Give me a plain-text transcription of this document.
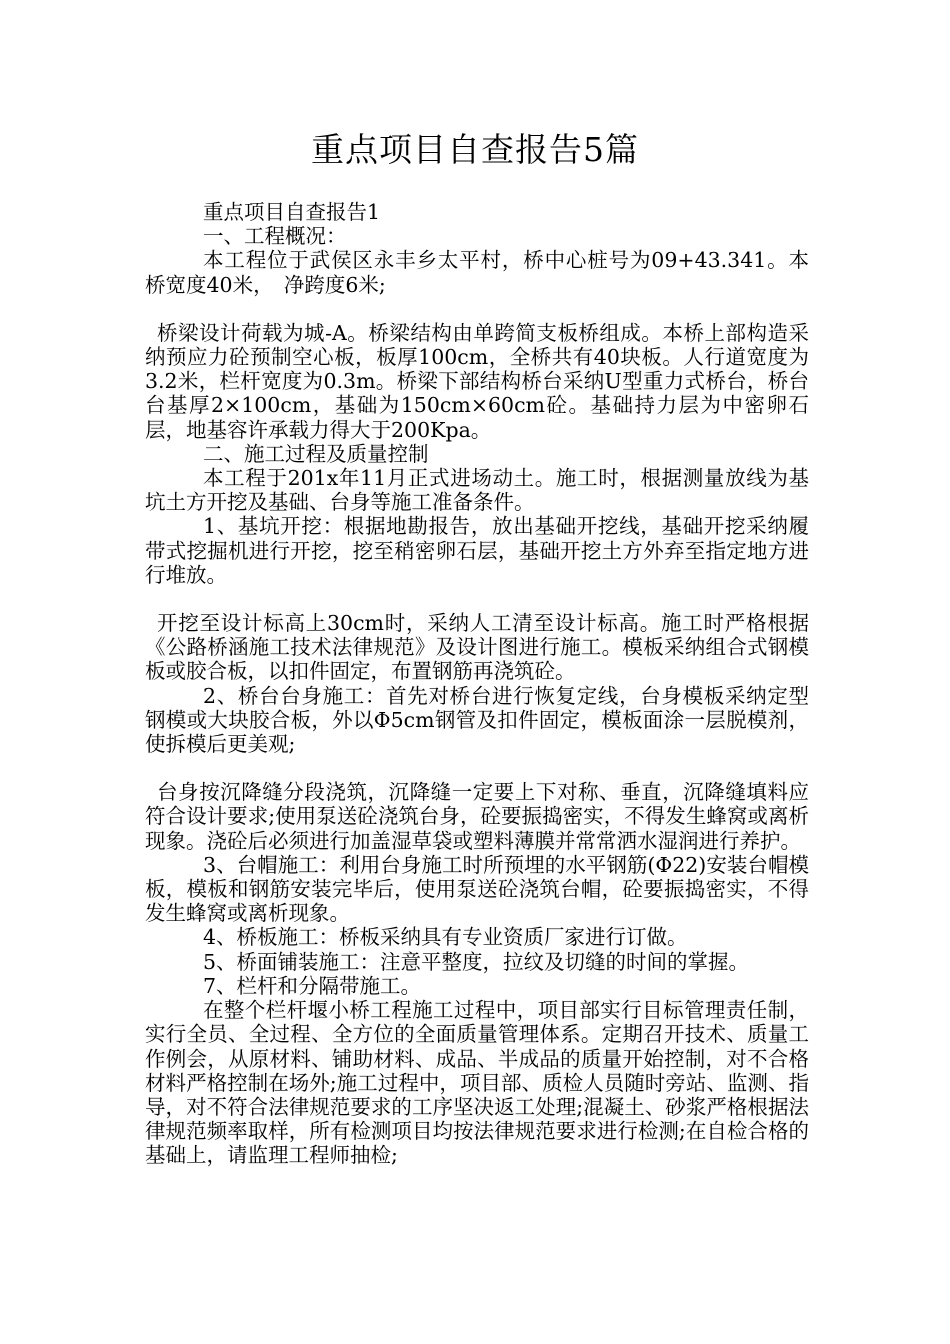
重点项目自查报告5篇

重点项目自查报告1

一、工程概况：

本工程位于武侯区永丰乡太平村，桥中心桩号为09+43.341。本桥宽度40米，　净跨度6米;

桥梁设计荷载为城-A。桥梁结构由单跨简支板桥组成。本桥上部构造采纳预应力砼预制空心板，板厚100cm，全桥共有40块板。人行道宽度为3.2米，栏杆宽度为0.3m。桥梁下部结构桥台采纳U型重力式桥台，桥台台基厚2×100cm，基础为150cm×60cm砼。基础持力层为中密卵石层，地基容许承载力得大于200Kpa。

二、施工过程及质量控制

本工程于201x年11月正式进场动土。施工时，根据测量放线为基坑土方开挖及基础、台身等施工准备条件。

1、基坑开挖：根据地勘报告，放出基础开挖线，基础开挖采纳履带式挖掘机进行开挖，挖至稍密卵石层，基础开挖土方外弃至指定地方进行堆放。

开挖至设计标高上30cm时，采纳人工清至设计标高。施工时严格根据《公路桥涵施工技术法律规范》及设计图进行施工。模板采纳组合式钢模板或胶合板，以扣件固定，布置钢筋再浇筑砼。

2、桥台台身施工：首先对桥台进行恢复定线，台身模板采纳定型钢模或大块胶合板，外以Φ5cm钢管及扣件固定，模板面涂一层脱模剂，使拆模后更美观;

台身按沉降缝分段浇筑，沉降缝一定要上下对称、垂直，沉降缝填料应符合设计要求;使用泵送砼浇筑台身，砼要振捣密实，不得发生蜂窝或离析现象。浇砼后必须进行加盖湿草袋或塑料薄膜并常常洒水湿润进行养护。

3、台帽施工：利用台身施工时所预埋的水平钢筋(Φ22)安装台帽模板，模板和钢筋安装完毕后，使用泵送砼浇筑台帽，砼要振捣密实，不得发生蜂窝或离析现象。

4、桥板施工：桥板采纳具有专业资质厂家进行订做。

5、桥面铺装施工：注意平整度，拉纹及切缝的时间的掌握。

7、栏杆和分隔带施工。

在整个栏杆堰小桥工程施工过程中，项目部实行目标管理责任制，实行全员、全过程、全方位的全面质量管理体系。定期召开技术、质量工作例会，从原材料、铺助材料、成品、半成品的质量开始控制，对不合格材料严格控制在场外;施工过程中，项目部、质检人员随时旁站、监测、指导，对不符合法律规范要求的工序坚决返工处理;混凝土、砂浆严格根据法律规范频率取样，所有检测项目均按法律规范要求进行检测;在自检合格的基础上，请监理工程师抽检;
